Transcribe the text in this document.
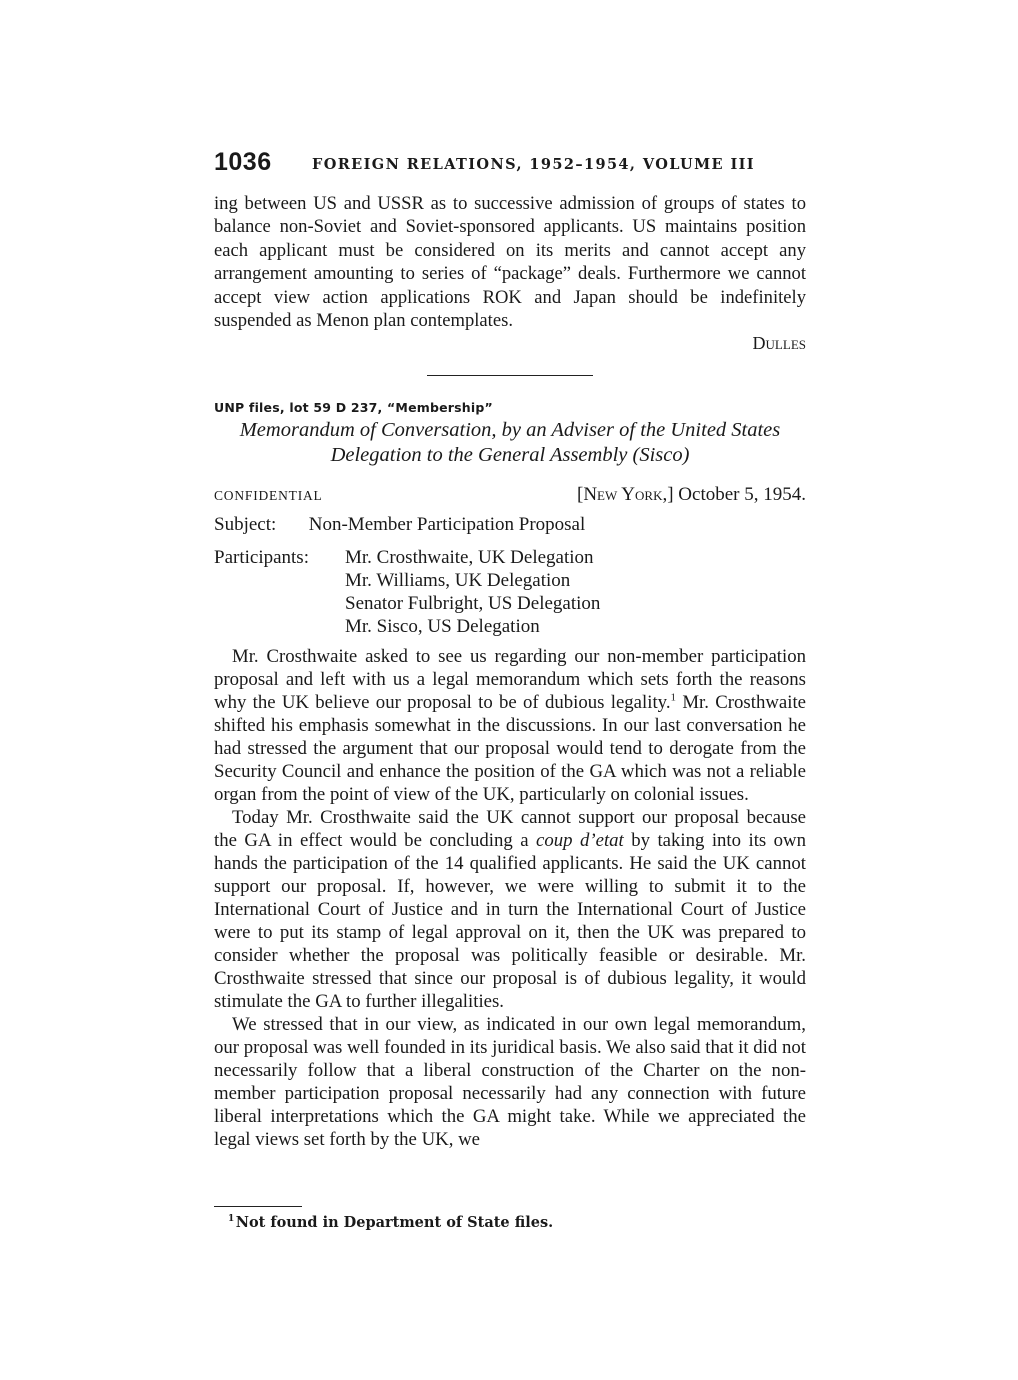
1036	FOREIGN RELATIONS, 1952–1954, VOLUME III

ing between US and USSR as to successive admission of groups of states to balance non-Soviet and Soviet-sponsored applicants. US maintains position each applicant must be considered on its merits and cannot accept any arrangement amounting to series of “package” deals. Furthermore we cannot accept view action applications ROK and Japan should be indefinitely suspended as Menon plan contemplates.

Dulles
UNP files, lot 59 D 237, “Membership”
Memorandum of Conversation, by an Adviser of the United States
Delegation to the General Assembly (Sisco)
CONFIDENTIAL	[New York,] October 5, 1954.
Subject: Non-Member Participation Proposal
Participants: Mr. Crosthwaite, UK Delegation
Mr. Williams, UK Delegation
Senator Fulbright, US Delegation
Mr. Sisco, US Delegation

Mr. Crosthwaite asked to see us regarding our non-member participation proposal and left with us a legal memorandum which sets forth the reasons why the UK believe our proposal to be of dubious legality.$^1$ Mr. Crosthwaite shifted his emphasis somewhat in the discussions. In our last conversation he had stressed the argument that our proposal would tend to derogate from the Security Council and enhance the position of the GA which was not a reliable organ from the point of view of the UK, particularly on colonial issues.

Today Mr. Crosthwaite said the UK cannot support our proposal because the GA in effect would be concluding a coup d’etat by taking into its own hands the participation of the 14 qualified applicants. He said the UK cannot support our proposal. If, however, we were willing to submit it to the International Court of Justice and in turn the International Court of Justice were to put its stamp of legal approval on it, then the UK was prepared to consider whether the proposal was politically feasible or desirable. Mr. Crosthwaite stressed that since our proposal is of dubious legality, it would stimulate the GA to further illegalities.

We stressed that in our view, as indicated in our own legal memorandum, our proposal was well founded in its juridical basis. We also said that it did not necessarily follow that a liberal construction of the Charter on the non-member participation proposal necessarily had any connection with future liberal interpretations which the GA might take. While we appreciated the legal views set forth by the UK, we

$^1$ Not found in Department of State files.
